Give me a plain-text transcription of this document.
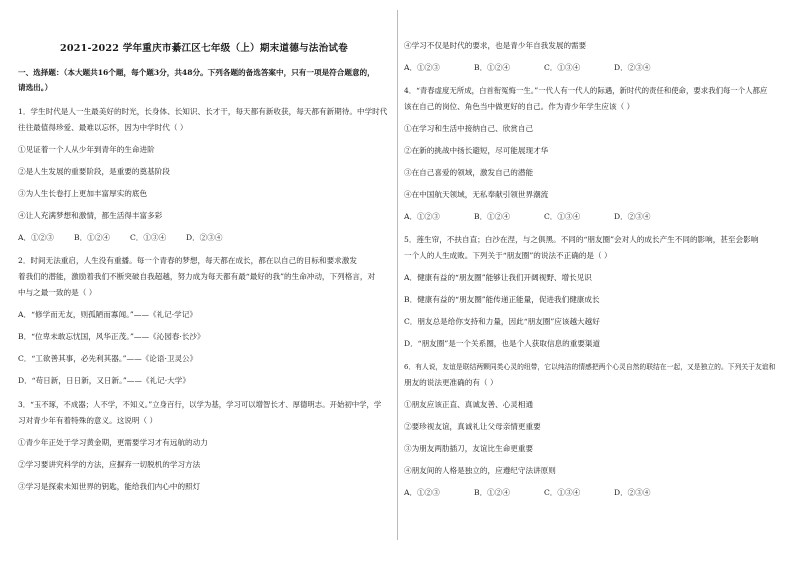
2021-2022 学年重庆市綦江区七年级（上）期末道德与法治试卷
一、选择题：（本大题共16个题，每个题3分，共48分。下列各题的备选答案中，只有一项是符合题意的，
请选出。）
1．学生时代是人一生最美好的时光，长身体、长知识、长才干，每天都有新收获，每天都有新期待。中学时代
往往最值得珍爱、最难以忘怀，因为中学时代（ ）
①见证着一个人从少年到青年的生命进阶
②是人生发展的重要阶段，是重要的奠基阶段
③为人生长卷打上更加丰富厚实的底色
④让人充满梦想和激情，都生活得丰富多彩
A．①②③	B．①②④	C．①③④	D．②③④
2．时间无法重启，人生没有重播。每一个青春的梦想，每天都在成长，都在以自己的目标和要求激发
着我们的潜能，激励着我们不断突破自我超越，努力成为每天都有最“最好的我”的生命冲动，下列格言，对
中与之最一致的是（ ）
A．“修学而无友，则孤陋而寡闻。”——《礼记·学记》
B．“位卑未敢忘忧国，风华正茂。”——《沁园春·长沙》
C．“工欲善其事，必先利其器。”——《论语·卫灵公》
D．“苟日新，日日新，又日新。”——《礼记·大学》
3．“玉不琢，不成器；人不学，不知义。”立身百行，以学为基，学习可以增智长才、厚德明志。开始初中学，学
习对青少年有着特殊的意义。这说明（ ）
①青少年正处于学习黄金期，更需要学习才有远航的动力
②学习要讲究科学的方法，应摒弃一切脱机的学习方法
③学习是探索未知世界的钥匙，能给我们内心中的照灯
④学习不仅是时代的要求，也是青少年自我发展的需要
A．①②③	B．①②④	C．①③④	D．②③④
4．“青春虚度无所成，白首衔冤悔一生。”一代人有一代人的际遇，新时代的责任和使命，要求我们每一个人都应
该在自己的岗位、角色当中做更好的自己。作为青少年学生应该（ ）
①在学习和生活中接纳自己、欣赏自己
②在新的挑战中扬长避短，尽可能展现才华
③在自己喜爱的领域，激发自己的潜能
④在中国航天领域，无私奉献引领世界潮流
A．①②③	B．①②④	C．①③④	D．②③④
5．莲生帘，不扶自直；白沙在涅，与之俱黑。不同的“朋友圈”会对人的成长产生不同的影响，甚至会影响
一个人的人生成败。下列关于“朋友圈”的说法不正确的是（ ）
A．健康有益的“朋友圈”能够让我们开阔视野、增长见识
B．健康有益的“朋友圈”能传递正能量，促进我们健康成长
C．朋友总是给你支持和力量，因此“朋友圈”应该越大越好
D．“朋友圈”是一个关系圈，也是个人获取信息的重要渠道
6．有人说，友谊是联结两颗同类心灵的纽带，它以纯洁的情感把两个心灵自然的联结在一起，又是独立的。下列关于友谊和
朋友的说法更准确的有（ ）
①朋友应该正直、真诚友善、心灵相通
②要珍视友谊，真诚礼让父母亲情更重要
③为朋友两肋插刀，友谊比生命更重要
④朋友间的人格是独立的，应遵纪守法讲原则
A．①②③	B．①②④	C．①③④	D．②③④
